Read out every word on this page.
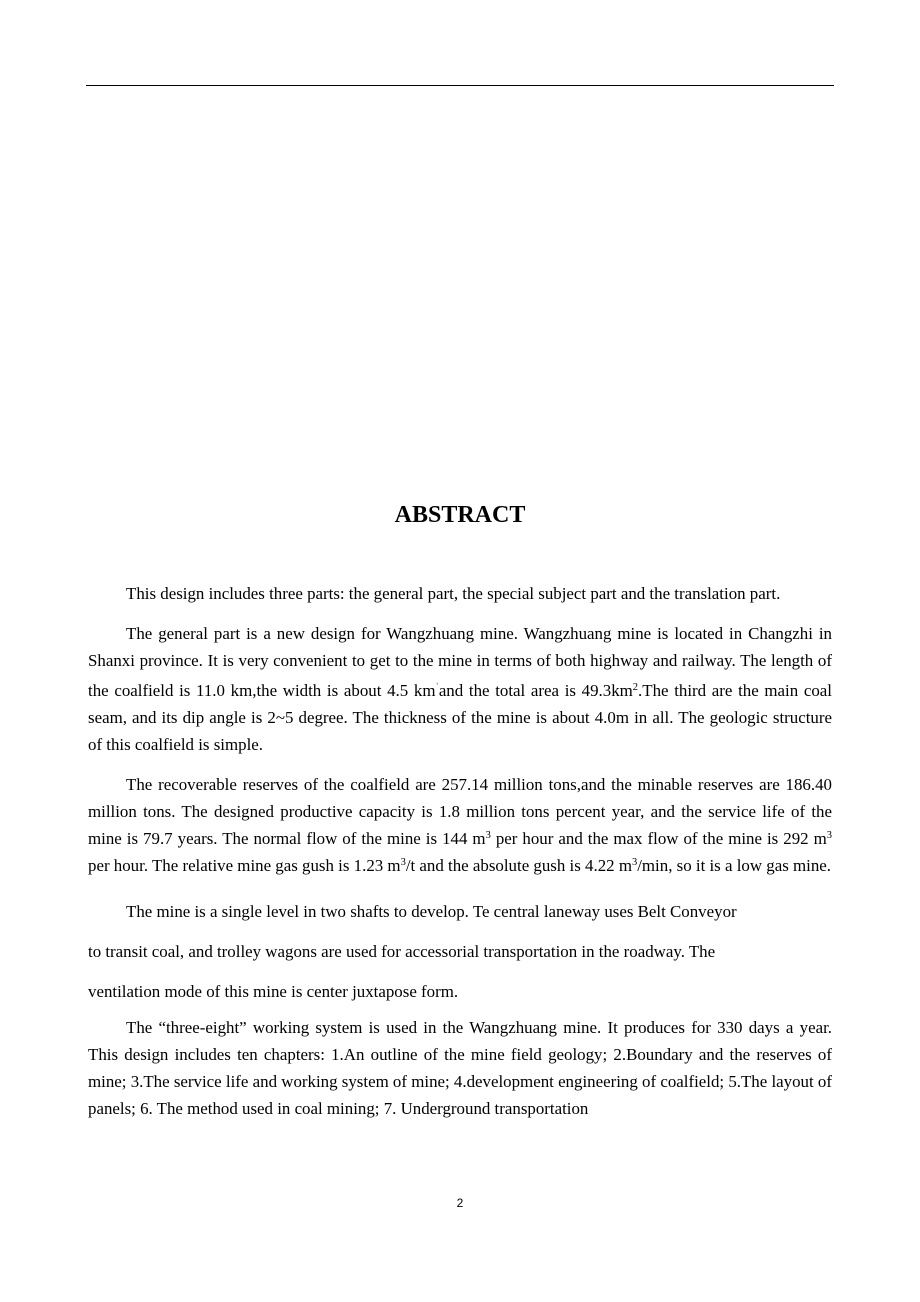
ABSTRACT

This design includes three parts: the general part, the special subject part and the translation part.

The general part is a new design for Wangzhuang mine. Wangzhuang mine is located in Changzhi in Shanxi province. It is very convenient to get to the mine in terms of both highway and railway. The length of the coalfield is 11.0 km,the width is about 4.5 $km^ˈand$ the total area is $49.3km^2.The$ third are the main coal seam, and its dip angle is 2~5 degree. The thickness of the mine is about 4.0m in all. The geologic structure of this coalfield is simple.

The recoverable reserves of the coalfield are 257.14 million tons,and the minable reserves are 186.40 million tons. The designed productive capacity is 1.8 million tons percent year, and the service life of the mine is 79.7 years. The normal flow of the mine is 144 $m^3$ per hour and the max flow of the mine is 292 $m^3$ per hour. The relative mine gas gush is 1.23 $m^3/t$ and the absolute gush is 4.22 $m^3/\min$, so it is a low gas mine.

The mine is a single level in two shafts to develop. Te central laneway uses Belt Conveyor
to transit coal, and trolley wagons are used for accessorial transportation in the roadway. The
ventilation mode of this mine is center juxtapose form.

The “three-eight” working system is used in the Wangzhuang mine. It produces for 330 days a year. This design includes ten chapters: 1.An outline of the mine field geology; 2.Boundary and the reserves of mine; 3.The service life and working system of mine; 4.development engineering of coalfield; 5.The layout of panels; 6. The method used in coal mining; 7. Underground transportation

2
